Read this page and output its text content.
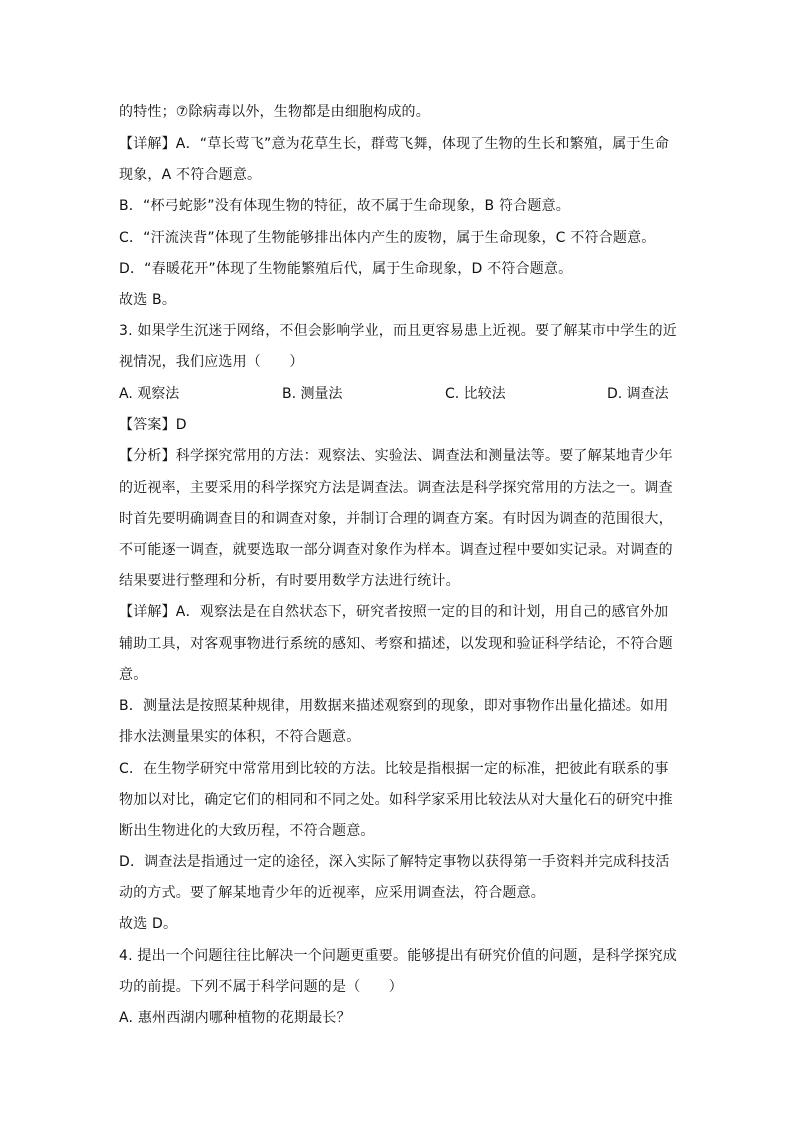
的特性；⑦除病毒以外，生物都是由细胞构成的。
【详解】A．“草长莺飞”意为花草生长，群莺飞舞，体现了生物的生长和繁殖，属于生命
现象，A 不符合题意。
B．“杯弓蛇影”没有体现生物的特征，故不属于生命现象，B 符合题意。
C．“汗流浃背”体现了生物能够排出体内产生的废物，属于生命现象，C 不符合题意。
D．“春暖花开”体现了生物能繁殖后代，属于生命现象，D 不符合题意。
故选 B。
3. 如果学生沉迷于网络，不但会影响学业，而且更容易患上近视。要了解某市中学生的近
视情况，我们应选用（　　）
A. 观察法	B. 测量法	C. 比较法	D. 调查法
【答案】D
【分析】科学探究常用的方法：观察法、实验法、调查法和测量法等。要了解某地青少年
的近视率，主要采用的科学探究方法是调查法。调查法是科学探究常用的方法之一。调查
时首先要明确调查目的和调查对象，并制订合理的调查方案。有时因为调查的范围很大，
不可能逐一调查，就要选取一部分调查对象作为样本。调查过程中要如实记录。对调查的
结果要进行整理和分析，有时要用数学方法进行统计。
【详解】A．观察法是在自然状态下，研究者按照一定的目的和计划，用自己的感官外加
辅助工具，对客观事物进行系统的感知、考察和描述，以发现和验证科学结论，不符合题
意。
B．测量法是按照某种规律，用数据来描述观察到的现象，即对事物作出量化描述。如用
排水法测量果实的体积，不符合题意。
C．在生物学研究中常常用到比较的方法。比较是指根据一定的标准，把彼此有联系的事
物加以对比，确定它们的相同和不同之处。如科学家采用比较法从对大量化石的研究中推
断出生物进化的大致历程，不符合题意。
D．调查法是指通过一定的途径，深入实际了解特定事物以获得第一手资料并完成科技活
动的方式。要了解某地青少年的近视率，应采用调查法，符合题意。
故选 D。
4. 提出一个问题往往比解决一个问题更重要。能够提出有研究价值的问题，是科学探究成
功的前提。下列不属于科学问题的是（　　）
A. 惠州西湖内哪种植物的花期最长？
